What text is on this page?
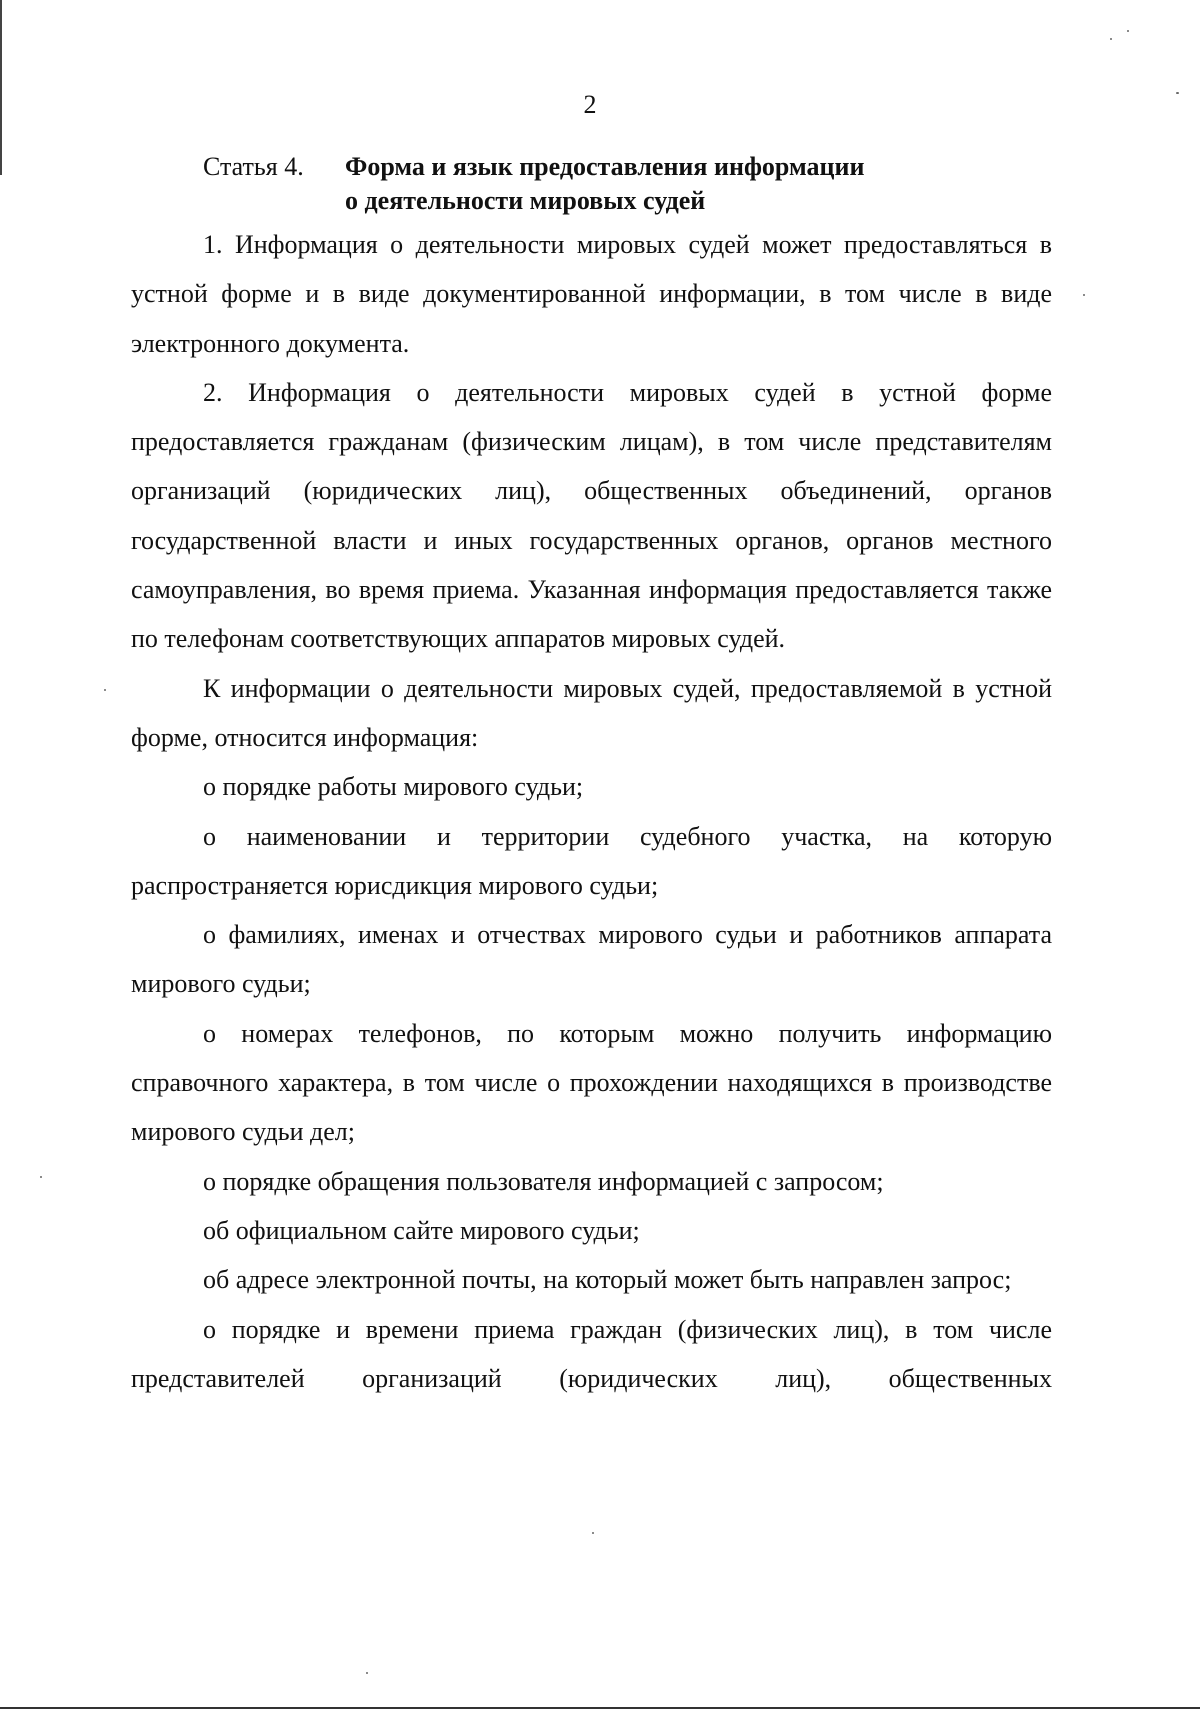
2
Статья 4. Форма и язык предоставления информации
о деятельности мировых судей

1. Информация о деятельности мировых судей может предоставляться в устной форме и в виде документированной информации, в том числе в виде электронного документа.

2. Информация о деятельности мировых судей в устной форме предоставляется гражданам (физическим лицам), в том числе представителям организаций (юридических лиц), общественных объединений, органов государственной власти и иных государственных органов, органов местного самоуправления, во время приема. Указанная информация предоставляется также по телефонам соответствующих аппаратов мировых судей.

К информации о деятельности мировых судей, предоставляемой в устной форме, относится информация:

о порядке работы мирового судьи;

о наименовании и территории судебного участка, на которую распространяется юрисдикция мирового судьи;

о фамилиях, именах и отчествах мирового судьи и работников аппарата мирового судьи;

о номерах телефонов, по которым можно получить информацию справочного характера, в том числе о прохождении находящихся в производстве мирового судьи дел;

о порядке обращения пользователя информацией с запросом;

об официальном сайте мирового судьи;

об адресе электронной почты, на который может быть направлен запрос;

о порядке и времени приема граждан (физических лиц), в том числе представителей организаций (юридических лиц), общественных
